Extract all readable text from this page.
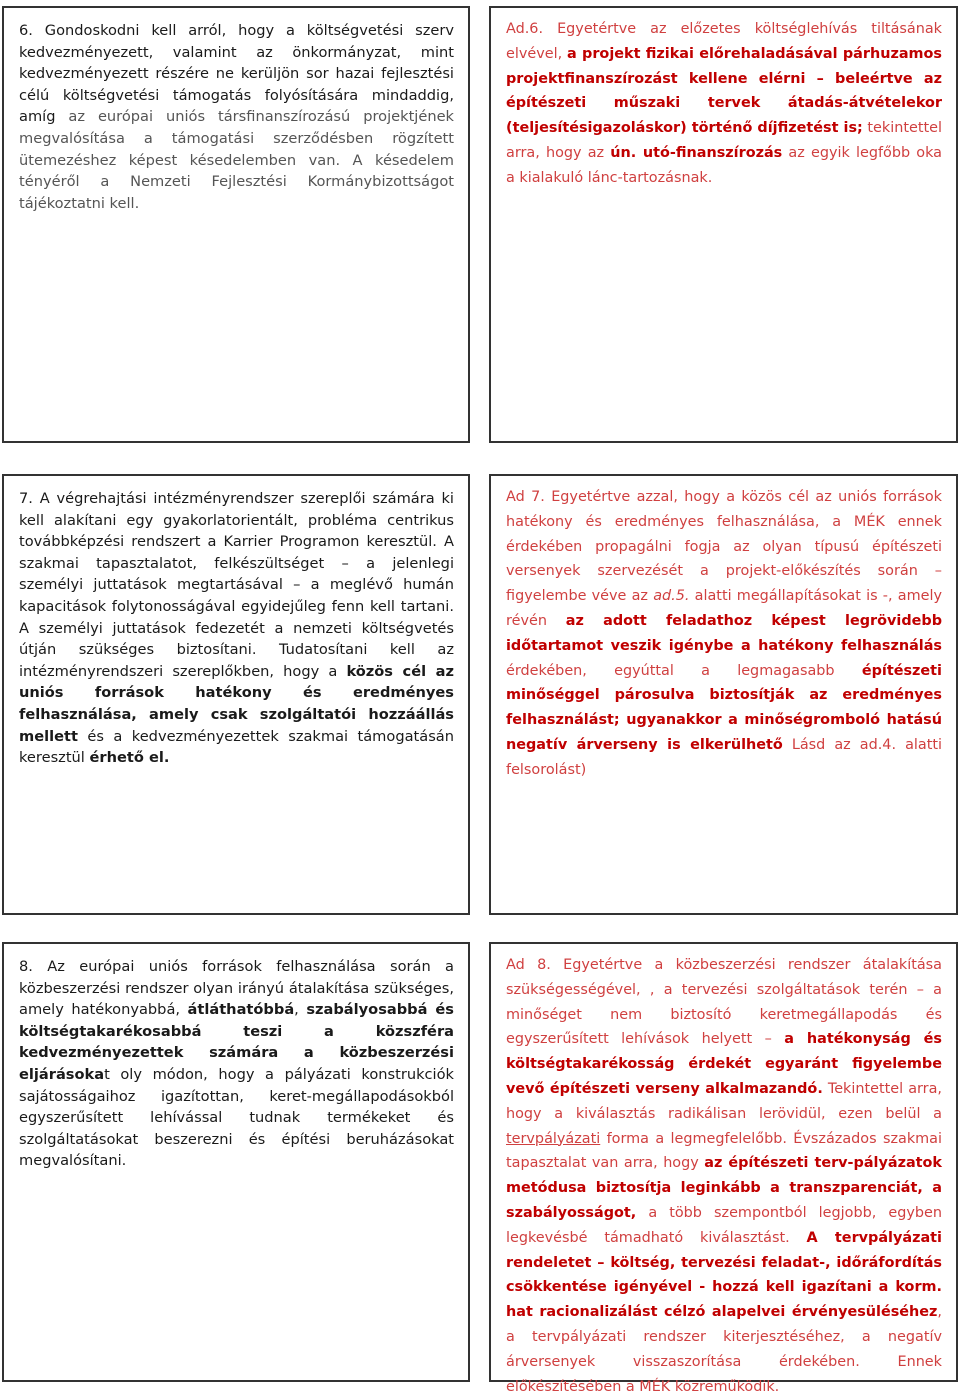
6. Gondoskodni kell arról, hogy a költségvetési szerv kedvezményezett, valamint az önkormányzat, mint kedvezményezett részére ne kerüljön sor hazai fejlesztési célú költségvetési támogatás folyósítására mindaddig, amíg az európai uniós társfinanszírozású projektjének megvalósítása a támogatási szerződésben rögzített ütemezéshez képest késedelemben van. A késedelem tényéről a Nemzeti Fejlesztési Kormánybizottságot tájékoztatni kell.

Ad.6. Egyetértve az előzetes költséglehívás tiltásának elvével, a projekt fizikai előrehaladásával párhuzamos projektfinanszírozást kellene elérni – beleértve az építészeti műszaki tervek átadás-átvételekor (teljesítésigazoláskor) történő díjfizetést is; tekintettel arra, hogy az ún. utó-finanszírozás az egyik legfőbb oka a kialakuló lánc-tartozásnak.

7. A végrehajtási intézményrendszer szereplői számára ki kell alakítani egy gyakorlatorientált, probléma centrikus továbbképzési rendszert a Karrier Programon keresztül. A szakmai tapasztalatot, felkészültséget – a jelenlegi személyi juttatások megtartásával – a meglévő humán kapacitások folytonosságával egyidejűleg fenn kell tartani. A személyi juttatások fedezetét a nemzeti költségvetés útján szükséges biztosítani. Tudatosítani kell az intézményrendszeri szereplőkben, hogy a közös cél az uniós források hatékony és eredményes felhasználása, amely csak szolgáltatói hozzáállás mellett és a kedvezményezettek szakmai támogatásán keresztül érhető el.

Ad 7. Egyetértve azzal, hogy a közös cél az uniós források hatékony és eredményes felhasználása, a MÉK ennek érdekében propagálni fogja az olyan típusú építészeti versenyek szervezését a projekt-előkészítés során – figyelembe véve az ad.5. alatti megállapításokat is -, amely révén az adott feladathoz képest legrövidebb időtartamot veszik igénybe a hatékony felhasználás érdekében, egyúttal a legmagasabb építészeti minőséggel párosulva biztosítják az eredményes felhasználást; ugyanakkor a minőségromboló hatású negatív árverseny is elkerülhető Lásd az ad.4. alatti felsorolást)

8. Az európai uniós források felhasználása során a közbeszerzési rendszer olyan irányú átalakítása szükséges, amely hatékonyabbá, átláthatóbbá, szabályosabbá és költségtakarékosabbá teszi a közszféra kedvezményezettek számára a közbeszerzési eljárásokat oly módon, hogy a pályázati konstrukciók sajátosságaihoz igazítottan, keret-megállapodásokból egyszerűsített lehívással tudnak termékeket és szolgáltatásokat beszerezni és építési beruházásokat megvalósítani.

Ad 8. Egyetértve a közbeszerzési rendszer átalakítása szükségességével, , a tervezési szolgáltatások terén – a minőséget nem biztosító keretmegállapodás és egyszerűsített lehívások helyett – a hatékonyság és költségtakarékosság érdekét egyaránt figyelembe vevő építészeti verseny alkalmazandó. Tekintettel arra, hogy a kiválasztás radikálisan lerövidül, ezen belül a tervpályázati forma a legmegfelelőbb. Évszázados szakmai tapasztalat van arra, hogy az építészeti terv-pályázatok metódusa biztosítja leginkább a transzparenciát, a szabályosságot, a több szempontból legjobb, egyben legkevésbé támadható kiválasztást. A tervpályázati rendeletet – költség, tervezési feladat-, időráfordítás csökkentése igényével - hozzá kell igazítani a korm. hat racionalizálást célzó alapelvei érvényesüléséhez, a tervpályázati rendszer kiterjesztéséhez, a negatív árversenyek visszaszorítása érdekében. Ennek előkészítésében a MÉK közreműködik.
